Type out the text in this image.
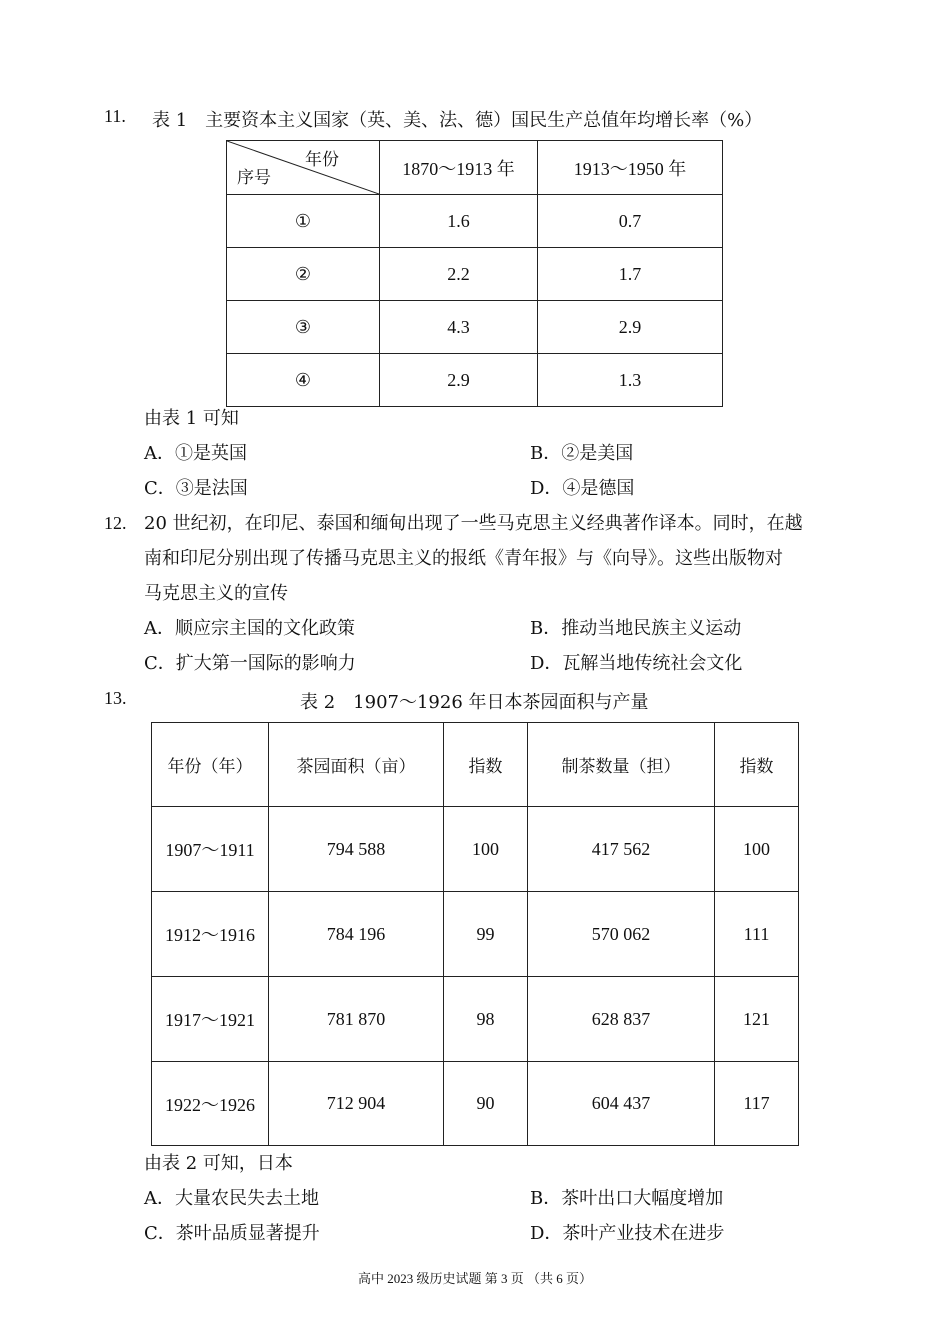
11. 表 1　主要资本主义国家（英、美、法、德）国民生产总值年均增长率（%）
年份
序号	1870～1913 年	1913～1950 年
①	1.6	0.7
②	2.2	1.7
③	4.3	2.9
④	2.9	1.3
由表 1 可知
A．①是英国	B．②是美国
C．③是法国	D．④是德国
12. 20 世纪初，在印尼、泰国和缅甸出现了一些马克思主义经典著作译本。同时，在越
南和印尼分别出现了传播马克思主义的报纸《青年报》与《向导》。这些出版物对
马克思主义的宣传
A．顺应宗主国的文化政策	B．推动当地民族主义运动
C．扩大第一国际的影响力	D．瓦解当地传统社会文化
13.	表 2　1907～1926 年日本茶园面积与产量
年份（年）	茶园面积（亩）	指数	制茶数量（担）	指数
1907～1911	794 588	100	417 562	100
1912～1916	784 196	99	570 062	111
1917～1921	781 870	98	628 837	121
1922～1926	712 904	90	604 437	117
由表 2 可知，日本
A．大量农民失去土地	B．茶叶出口大幅度增加
C．茶叶品质显著提升	D．茶叶产业技术在进步
高中 2023 级历史试题 第 3 页 （共 6 页）
